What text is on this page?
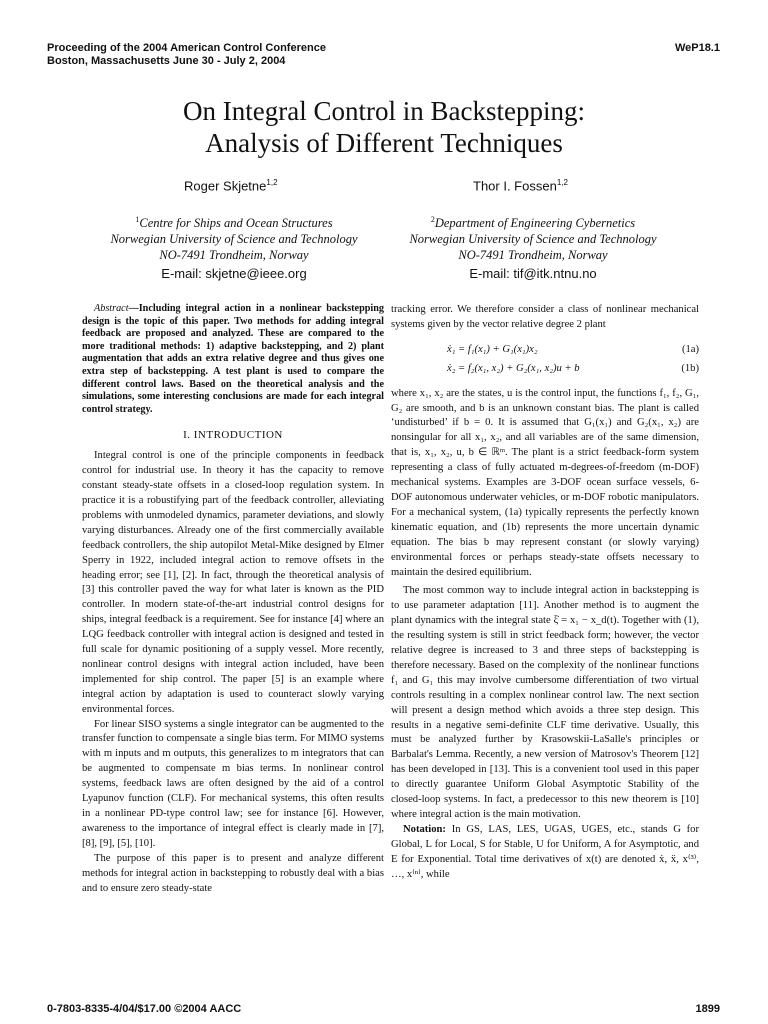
Proceeding of the 2004 American Control Conference
Boston, Massachusetts June 30 - July 2, 2004
WeP18.1
On Integral Control in Backstepping:
Analysis of Different Techniques
Roger Skjetne$^{1,2}$	Thor I. Fossen$^{1,2}$
$^1$Centre for Ships and Ocean Structures
Norwegian University of Science and Technology
NO-7491 Trondheim, Norway
$^2$Department of Engineering Cybernetics
Norwegian University of Science and Technology
NO-7491 Trondheim, Norway
E-mail: skjetne@ieee.org	E-mail: tif@itk.ntnu.no

Abstract—Including integral action in a nonlinear backstepping design is the topic of this paper. Two methods for adding integral feedback are proposed and analyzed. These are compared to the more traditional methods: 1) adaptive backstepping, and 2) plant augmentation that adds an extra relative degree and thus gives one extra step of backstepping. A test plant is used to compare the different control laws. Based on the theoretical analysis and the simulations, some interesting conclusions are made for each integral control strategy.

I. INTRODUCTION

Integral control is one of the principle components in feedback control for industrial use. In theory it has the capacity to remove constant steady-state offsets in a closed-loop regulation system. In practice it is a robustifying part of the feedback controller, alleviating problems with unmodeled dynamics, parameter deviations, and slowly varying disturbances. Already one of the first commercially available feedback controllers, the ship autopilot Metal-Mike designed by Elmer Sperry in 1922, included integral action to remove offsets in the heading error; see [1], [2]. In fact, through the theoretical analysis of [3] this controller paved the way for what later is known as the PID controller. In modern state-of-the-art industrial control designs for ships, integral feedback is a requirement. See for instance [4] where an LQG feedback controller with integral action is designed and tested in full scale for dynamic positioning of a supply vessel. More recently, nonlinear control designs with integral action included, have been implemented for ship control. The paper [5] is an example where integral action by adaptation is used to counteract slowly varying environmental forces.

For linear SISO systems a single integrator can be augmented to the transfer function to compensate a single bias term. For MIMO systems with m inputs and m outputs, this generalizes to m integrators that can be augmented to compensate m bias terms. In nonlinear control systems, feedback laws are often designed by the aid of a control Lyapunov function (CLF). For mechanical systems, this often results in a nonlinear PD-type control law; see for instance [6]. However, awareness to the importance of integral effect is clearly made in [7], [8], [9], [5], [10].

The purpose of this paper is to present and analyze different methods for integral action in backstepping to robustly deal with a bias and to ensure zero steady-state

tracking error. We therefore consider a class of nonlinear mechanical systems given by the vector relative degree 2 plant

ẋ₁ = f₁(x₁) + G₁(x₁)x₂	(1a)
ẋ₂ = f₂(x₁, x₂) + G₂(x₁, x₂)u + b	(1b)

where x₁, x₂ are the states, u is the control input, the functions f₁, f₂, G₁, G₂ are smooth, and b is an unknown constant bias. The plant is called ‘undisturbed’ if b = 0. It is assumed that G₁(x₁) and G₂(x₁, x₂) are nonsingular for all x₁, x₂, and all variables are of the same dimension, that is, x₁, x₂, u, b ∈ ℝᵐ. The plant is a strict feedback-form system representing a class of fully actuated m-degrees-of-freedom (m-DOF) mechanical systems. Examples are 3-DOF ocean surface vessels, 6-DOF autonomous underwater vehicles, or m-DOF robotic manipulators. For a mechanical system, (1a) typically represents the perfectly known kinematic equation, and (1b) represents the more uncertain dynamic equation. The bias b may represent constant (or slowly varying) environmental forces or perhaps steady-state offsets necessary to maintain the desired equilibrium.

The most common way to include integral action in backstepping is to use parameter adaptation [11]. Another method is to augment the plant dynamics with the integral state ξ̇ = x₁ − x_d(t). Together with (1), the resulting system is still in strict feedback form; however, the vector relative degree is increased to 3 and three steps of backstepping is therefore necessary. Based on the complexity of the nonlinear functions f₁ and G₁ this may involve cumbersome differentiation of two virtual controls resulting in a complex nonlinear control law. The next section will present a design method which avoids a three step design. This results in a negative semi-definite CLF time derivative. Usually, this must be analyzed further by Krasowskii-LaSalle's principles or Barbalat's Lemma. Recently, a new version of Matrosov's Theorem [12] has been developed in [13]. This is a convenient tool used in this paper to directly guarantee Uniform Global Asymptotic Stability of the closed-loop systems. In fact, a predecessor to this new theorem is [10] where integral action is the main motivation.

Notation: In GS, LAS, LES, UGAS, UGES, etc., stands G for Global, L for Local, S for Stable, U for Uniform, A for Asymptotic, and E for Exponential. Total time derivatives of x(t) are denoted ẋ, ẍ, x⁽³⁾, …, x⁽ⁿ⁾, while

0-7803-8335-4/04/$17.00 ©2004 AACC	1899
